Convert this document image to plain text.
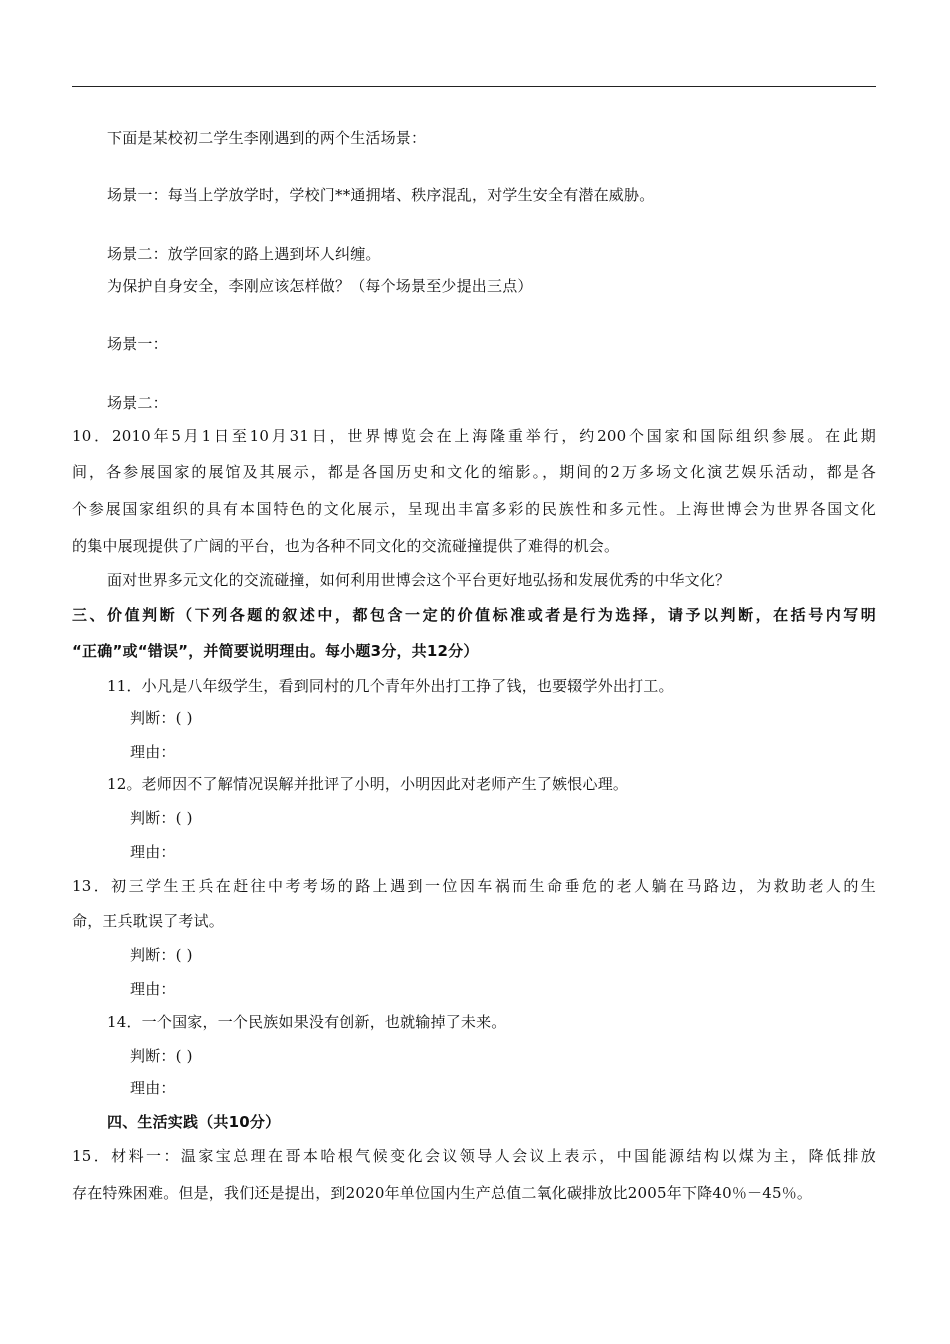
下面是某校初二学生李刚遇到的两个生活场景：
场景一：每当上学放学时，学校门**通拥堵、秩序混乱，对学生安全有潜在威胁。
场景二：放学回家的路上遇到坏人纠缠。
为保护自身安全，李刚应该怎样做？（每个场景至少提出三点）
场景一：
场景二：
10．2010年5月1日至10月31日，世界博览会在上海隆重举行，约200个国家和国际组织参展。在此期
间，各参展国家的展馆及其展示，都是各国历史和文化的缩影。，期间的2万多场文化演艺娱乐活动，都是各
个参展国家组织的具有本国特色的文化展示，呈现出丰富多彩的民族性和多元性。上海世博会为世界各国文化
的集中展现提供了广阔的平台，也为各种不同文化的交流碰撞提供了难得的机会。
面对世界多元文化的交流碰撞，如何利用世博会这个平台更好地弘扬和发展优秀的中华文化？
三、价值判断（下列各题的叙述中，都包含一定的价值标准或者是行为选择，请予以判断，在括号内写明
“正确”或“错误”，并简要说明理由。每小题3分，共12分）
11．小凡是八年级学生，看到同村的几个青年外出打工挣了钱，也要辍学外出打工。
判断：( )
理由：
12。老师因不了解情况误解并批评了小明，小明因此对老师产生了嫉恨心理。
判断：( )
理由：
13．初三学生王兵在赶往中考考场的路上遇到一位因车祸而生命垂危的老人躺在马路边，为救助老人的生
命，王兵耽误了考试。
判断：( )
理由：
14．一个国家，一个民族如果没有创新，也就输掉了未来。
判断：( )
理由：
四、生活实践（共10分）
15．材料一：温家宝总理在哥本哈根气候变化会议领导人会议上表示，中国能源结构以煤为主，降低排放
存在特殊困难。但是，我们还是提出，到2020年单位国内生产总值二氧化碳排放比2005年下降40％－45％。
